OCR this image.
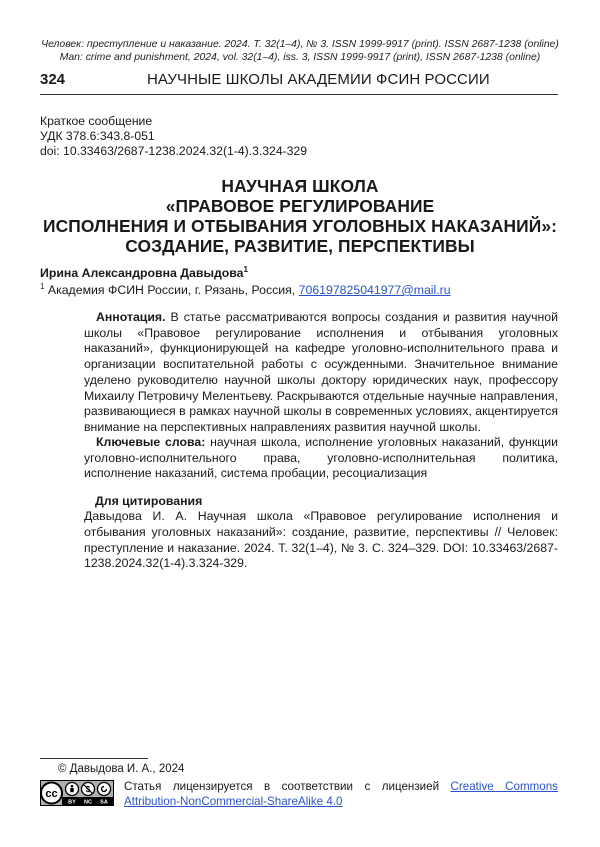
Человек: преступление и наказание. 2024. Т. 32(1–4), № 3. ISSN 1999-9917 (print). ISSN 2687-1238 (online)
Man: crime and punishment, 2024, vol. 32(1–4), iss. 3, ISSN 1999-9917 (print), ISSN 2687-1238 (online)
324	НАУЧНЫЕ ШКОЛЫ АКАДЕМИИ ФСИН РОССИИ
Краткое сообщение
УДК 378.6:343.8-051
doi: 10.33463/2687-1238.2024.32(1-4).3.324-329
НАУЧНАЯ ШКОЛА
«ПРАВОВОЕ РЕГУЛИРОВАНИЕ
ИСПОЛНЕНИЯ И ОТБЫВАНИЯ УГОЛОВНЫХ НАКАЗАНИЙ»:
СОЗДАНИЕ, РАЗВИТИЕ, ПЕРСПЕКТИВЫ
Ирина Александровна Давыдова1
1 Академия ФСИН России, г. Рязань, Россия, 706197825041977@mail.ru
Аннотация. В статье рассматриваются вопросы создания и развития научной школы «Правовое регулирование исполнения и отбывания уголовных наказаний», функционирующей на кафедре уголовно-исполнительного права и организации воспитательной работы с осужденными. Значительное внимание уделено руководителю научной школы доктору юридических наук, профессору Михаилу Петровичу Мелентьеву. Раскрываются отдельные научные направления, развивающиеся в рамках научной школы в современных условиях, акцентируется внимание на перспективных направлениях развития научной школы.
Ключевые слова: научная школа, исполнение уголовных наказаний, функции уголовно-исполнительного права, уголовно-исполнительная политика, исполнение наказаний, система пробации, ресоциализация
Для цитирования
Давыдова И. А. Научная школа «Правовое регулирование исполнения и отбывания уголовных наказаний»: создание, развитие, перспективы // Человек: преступление и наказание. 2024. Т. 32(1–4), № 3. С. 324–329. DOI: 10.33463/2687-1238.2024.32(1-4).3.324-329.
© Давыдова И. А., 2024
cc
BY NC SA
Статья лицензируется в соответствии с лицензией Creative Commons Attribution-NonCommercial-ShareAlike 4.0
